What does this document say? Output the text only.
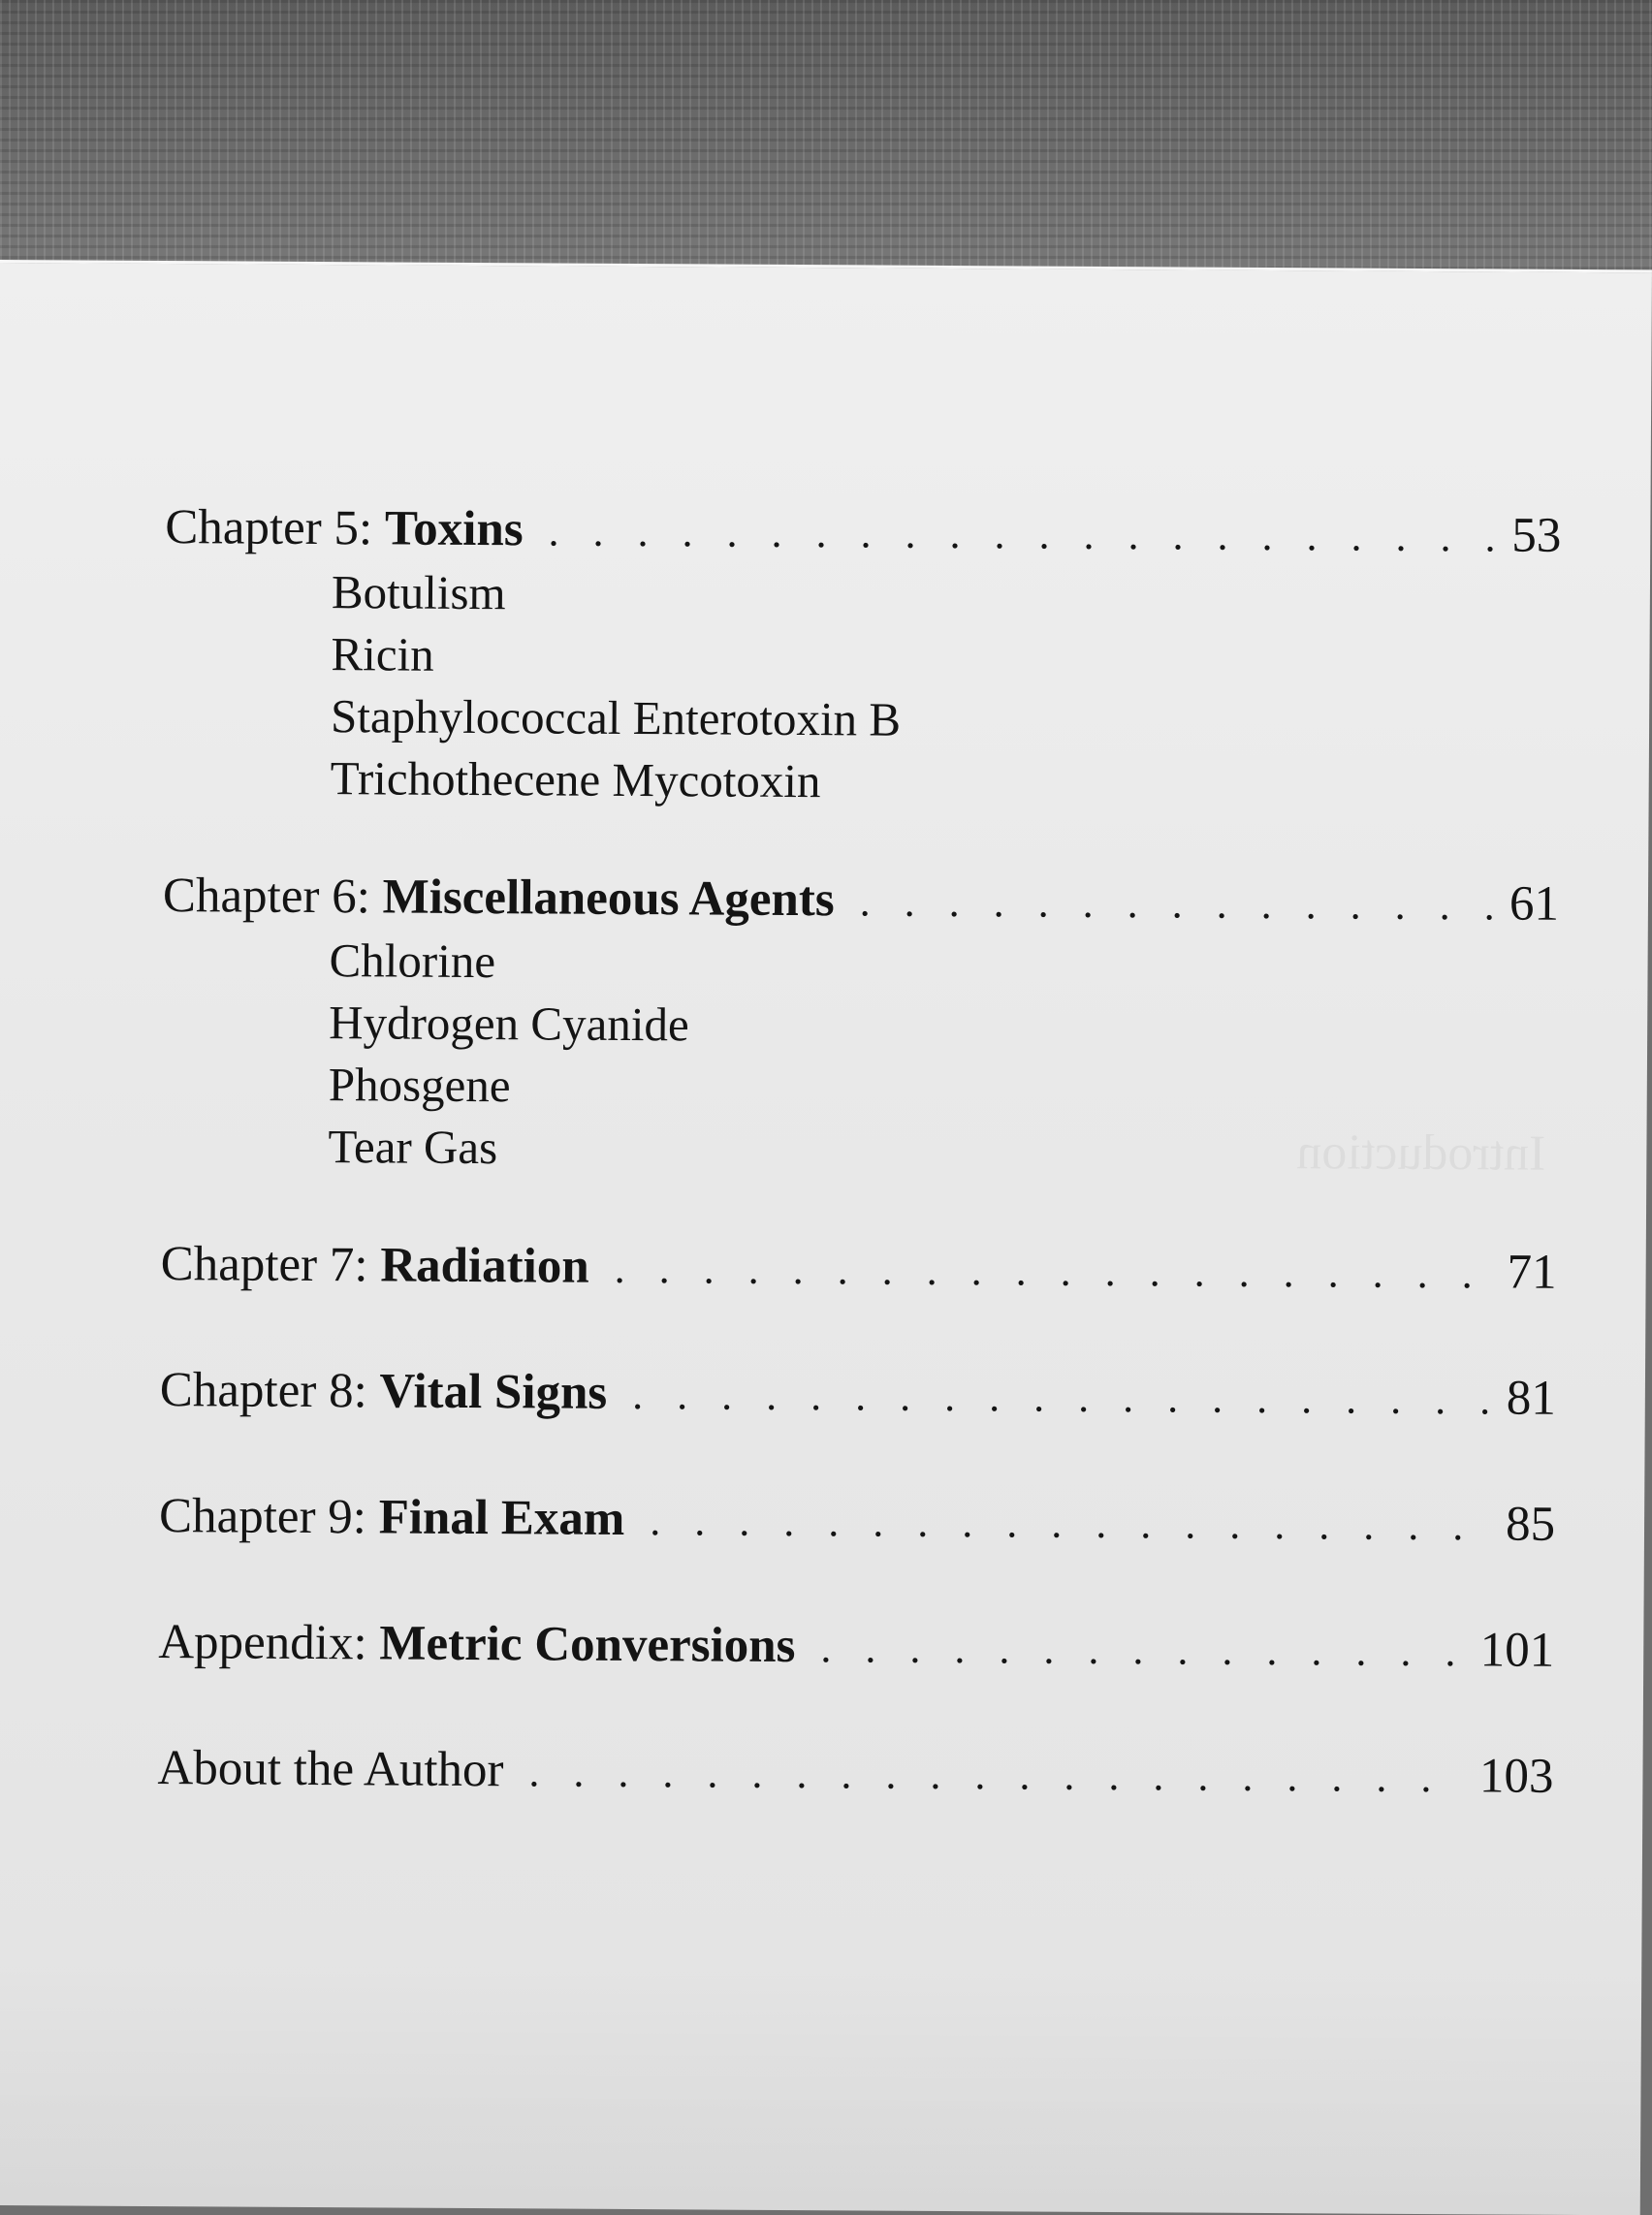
Introduction
Chapter 5: Toxins . . .	53
Botulism
Ricin
Staphylococcal Enterotoxin B
Trichothecene Mycotoxin
Chapter 6: Miscellaneous Agents . . .	61
Chlorine
Hydrogen Cyanide
Phosgene
Tear Gas
Chapter 7: Radiation . . .	71
Chapter 8: Vital Signs . . .	81
Chapter 9: Final Exam . . .	85
Appendix: Metric Conversions . . .	101
About the Author . . .	103
